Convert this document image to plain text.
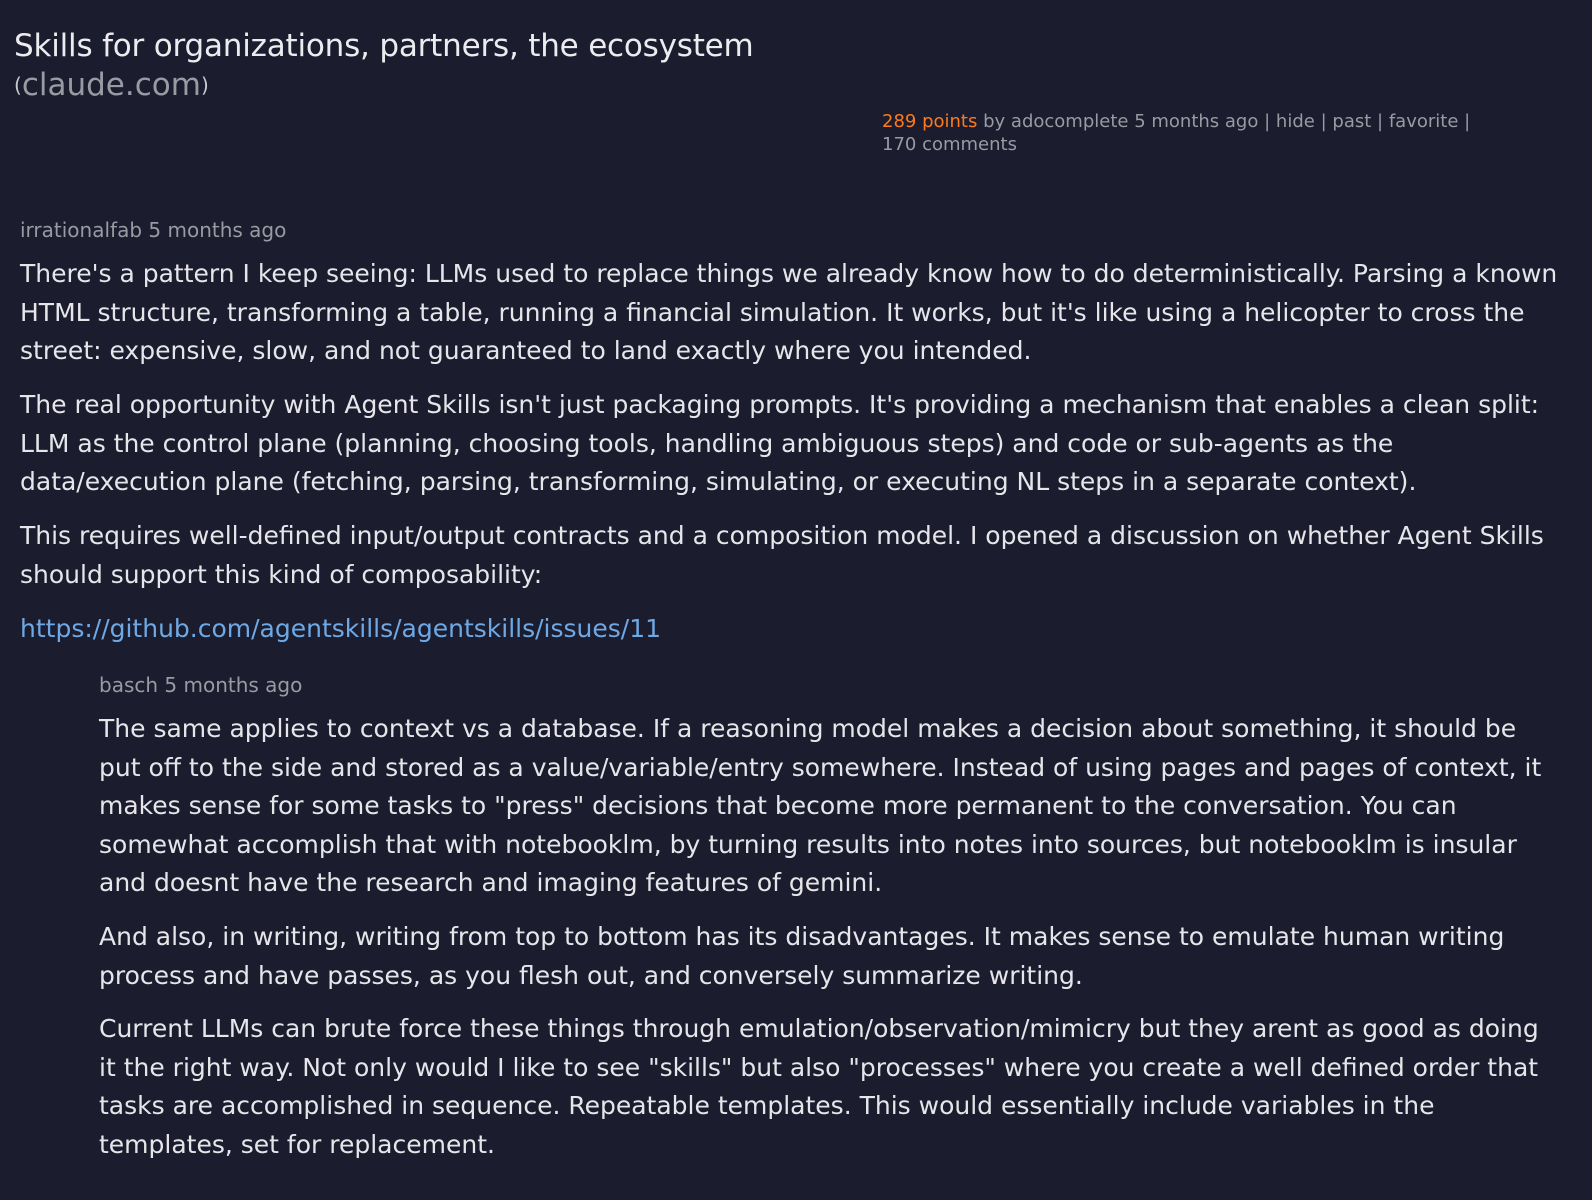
Skills for organizations, partners, the ecosystem
(claude.com)
289 points by adocomplete 5 months ago | hide | past | favorite |
170 comments
irrationalfab 5 months ago

There's a pattern I keep seeing: LLMs used to replace things we already know how to do deterministically. Parsing a known HTML structure, transforming a table, running a financial simulation. It works, but it's like using a helicopter to cross the street: expensive, slow, and not guaranteed to land exactly where you intended.

The real opportunity with Agent Skills isn't just packaging prompts. It's providing a mechanism that enables a clean split: LLM as the control plane (planning, choosing tools, handling ambiguous steps) and code or sub-agents as the data/execution plane (fetching, parsing, transforming, simulating, or executing NL steps in a separate context).

This requires well-defined input/output contracts and a composition model. I opened a discussion on whether Agent Skills should support this kind of composability:

https://github.com/agentskills/agentskills/issues/11

basch 5 months ago

The same applies to context vs a database. If a reasoning model makes a decision about something, it should be put off to the side and stored as a value/variable/entry somewhere. Instead of using pages and pages of context, it makes sense for some tasks to "press" decisions that become more permanent to the conversation. You can somewhat accomplish that with notebooklm, by turning results into notes into sources, but notebooklm is insular and doesnt have the research and imaging features of gemini.

And also, in writing, writing from top to bottom has its disadvantages. It makes sense to emulate human writing process and have passes, as you flesh out, and conversely summarize writing.

Current LLMs can brute force these things through emulation/observation/mimicry but they arent as good as doing it the right way. Not only would I like to see "skills" but also "processes" where you create a well defined order that tasks are accomplished in sequence. Repeatable templates. This would essentially include variables in the templates, set for replacement.
